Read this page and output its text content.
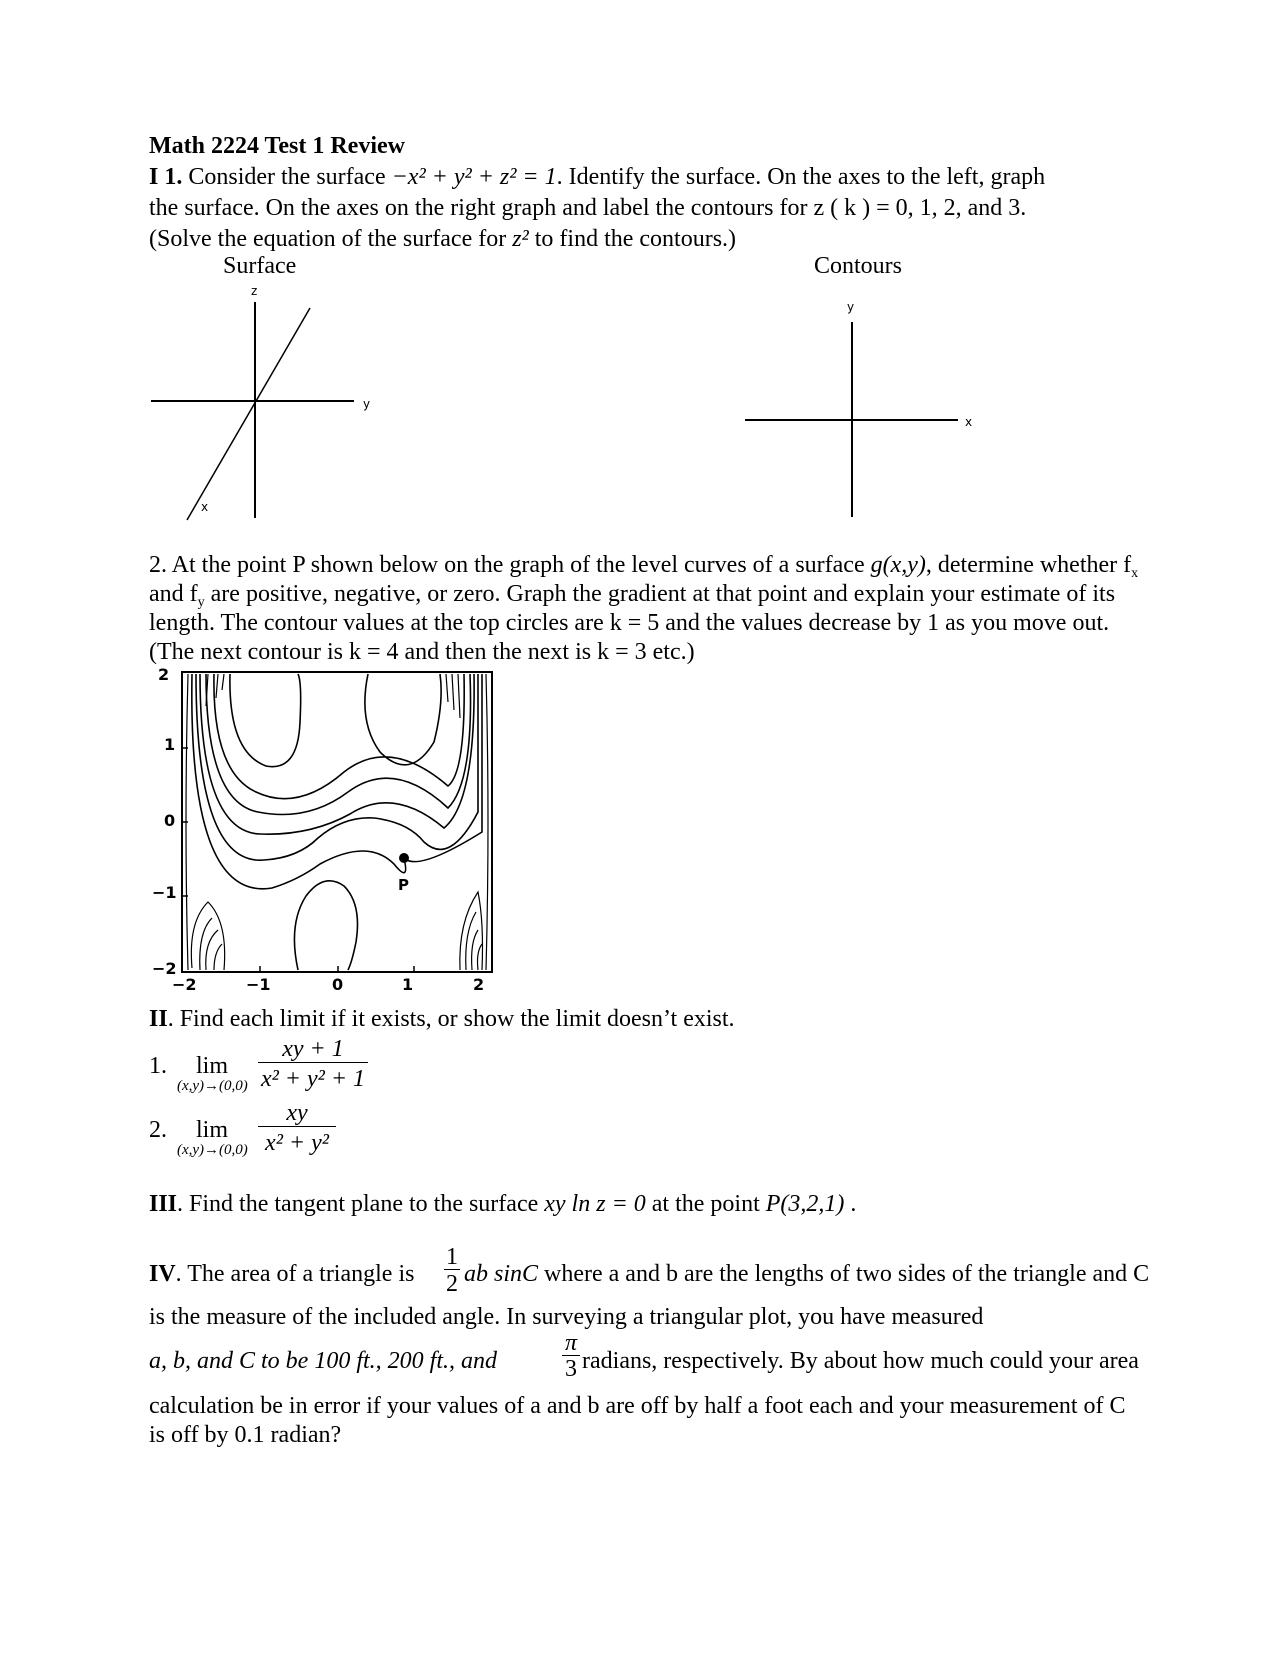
Math 2224 Test 1 Review
I 1. Consider the surface −x² + y² + z² = 1. Identify the surface. On the axes to the left, graph
the surface. On the axes on the right graph and label the contours for z ( k ) = 0, 1, 2, and 3.
(Solve the equation of the surface for z² to find the contours.)
Surface	Contours
z
y
x
y
x
2. At the point P shown below on the graph of the level curves of a surface g(x,y), determine whether $f_x$
and $f_y$ are positive, negative, or zero. Graph the gradient at that point and explain your estimate of its
length. The contour values at the top circles are k = 5 and the values decrease by 1 as you move out.
(The next contour is k = 4 and then the next is k = 3 etc.)
2
1
0
−1
−2
−2	−1	0	1	2
P
II. Find each limit if it exists, or show the limit doesn’t exist.
1. lim
(x,y)→(0,0)
xy + 1
x² + y² + 1
2. lim
(x,y)→(0,0)
xy
x² + y²
III. Find the tangent plane to the surface xy ln z = 0 at the point P(3,2,1) .
IV. The area of a triangle is
1
2 ab sinC where a and b are the lengths of two sides of the triangle and C
is the measure of the included angle. In surveying a triangular plot, you have measured
a, b, and C to be 100 ft., 200 ft., and
π
3 radians, respectively. By about how much could your area
calculation be in error if your values of a and b are off by half a foot each and your measurement of C
is off by 0.1 radian?
